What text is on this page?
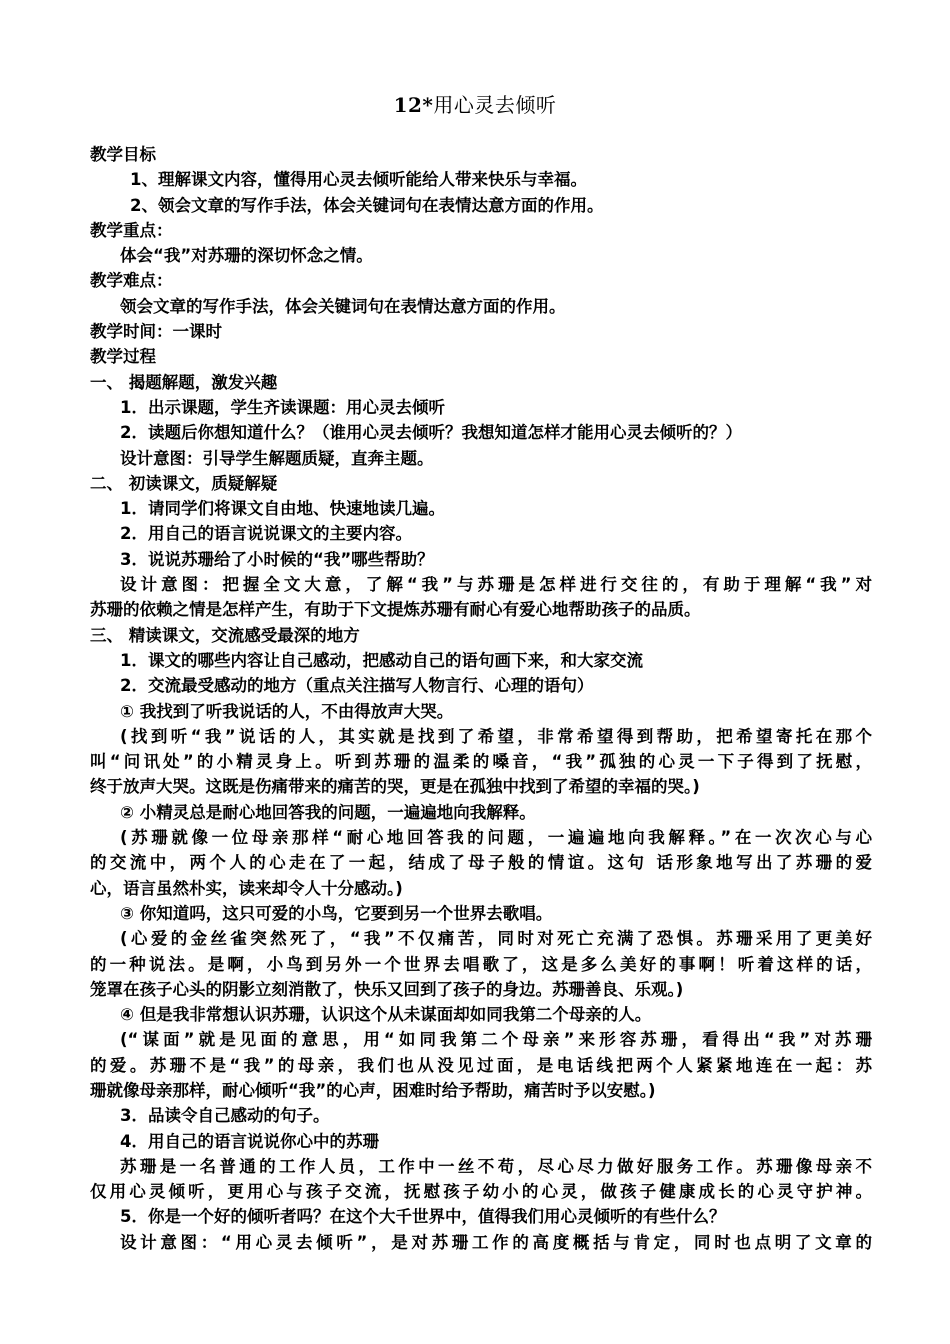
12*用心灵去倾听
教学目标
1、理解课文内容，懂得用心灵去倾听能给人带来快乐与幸福。
2、领会文章的写作手法，体会关键词句在表情达意方面的作用。
教学重点：
体会“我”对苏珊的深切怀念之情。
教学难点：
领会文章的写作手法，体会关键词句在表情达意方面的作用。
教学时间：一课时
教学过程
一、 揭题解题，激发兴趣
1．出示课题，学生齐读课题：用心灵去倾听
2．读题后你想知道什么？（谁用心灵去倾听？我想知道怎样才能用心灵去倾听的？）
设计意图：引导学生解题质疑，直奔主题。
二、 初读课文，质疑解疑
1．请同学们将课文自由地、快速地读几遍。
2．用自己的语言说说课文的主要内容。
3．说说苏珊给了小时候的“我”哪些帮助？
设计意图：把握全文大意，了解“我”与苏珊是怎样进行交往的，有助于理解“我”对
苏珊的依赖之情是怎样产生，有助于下文提炼苏珊有耐心有爱心地帮助孩子的品质。
三、 精读课文，交流感受最深的地方
1．课文的哪些内容让自己感动，把感动自己的语句画下来，和大家交流
2．交流最受感动的地方（重点关注描写人物言行、心理的语句）
① 我找到了听我说话的人，不由得放声大哭。
(找到听“我”说话的人，其实就是找到了希望，非常希望得到帮助，把希望寄托在那个
叫“问讯处”的小精灵身上。听到苏珊的温柔的嗓音，“我”孤独的心灵一下子得到了抚慰，
终于放声大哭。这既是伤痛带来的痛苦的哭，更是在孤独中找到了希望的幸福的哭。)
② 小精灵总是耐心地回答我的问题，一遍遍地向我解释。
(苏珊就像一位母亲那样“耐心地回答我的问题，一遍遍地向我解释。”在一次次心与心
的交流中，两个人的心走在了一起，结成了母子般的情谊。这句 话形象地写出了苏珊的爱
心，语言虽然朴实，读来却令人十分感动。)
③ 你知道吗，这只可爱的小鸟，它要到另一个世界去歌唱。
(心爱的金丝雀突然死了，“我”不仅痛苦，同时对死亡充满了恐惧。苏珊采用了更美好
的一种说法。是啊，小鸟到另外一个世界去唱歌了，这是多么美好的事啊！听着这样的话，
笼罩在孩子心头的阴影立刻消散了，快乐又回到了孩子的身边。苏珊善良、乐观。)
④ 但是我非常想认识苏珊，认识这个从未谋面却如同我第二个母亲的人。
(“谋面”就是见面的意思，用“如同我第二个母亲”来形容苏珊，看得出“我”对苏珊
的爱。苏珊不是“我”的母亲，我们也从没见过面，是电话线把两个人紧紧地连在一起：苏
珊就像母亲那样，耐心倾听“我”的心声，困难时给予帮助，痛苦时予以安慰。)
3．品读令自己感动的句子。
4．用自己的语言说说你心中的苏珊
苏珊是一名普通的工作人员，工作中一丝不苟，尽心尽力做好服务工作。苏珊像母亲不
仅用心灵倾听，更用心与孩子交流，抚慰孩子幼小的心灵，做孩子健康成长的心灵守护神。
5．你是一个好的倾听者吗？在这个大千世界中，值得我们用心灵倾听的有些什么？
设计意图：“用心灵去倾听”，是对苏珊工作的高度概括与肯定，同时也点明了文章的
